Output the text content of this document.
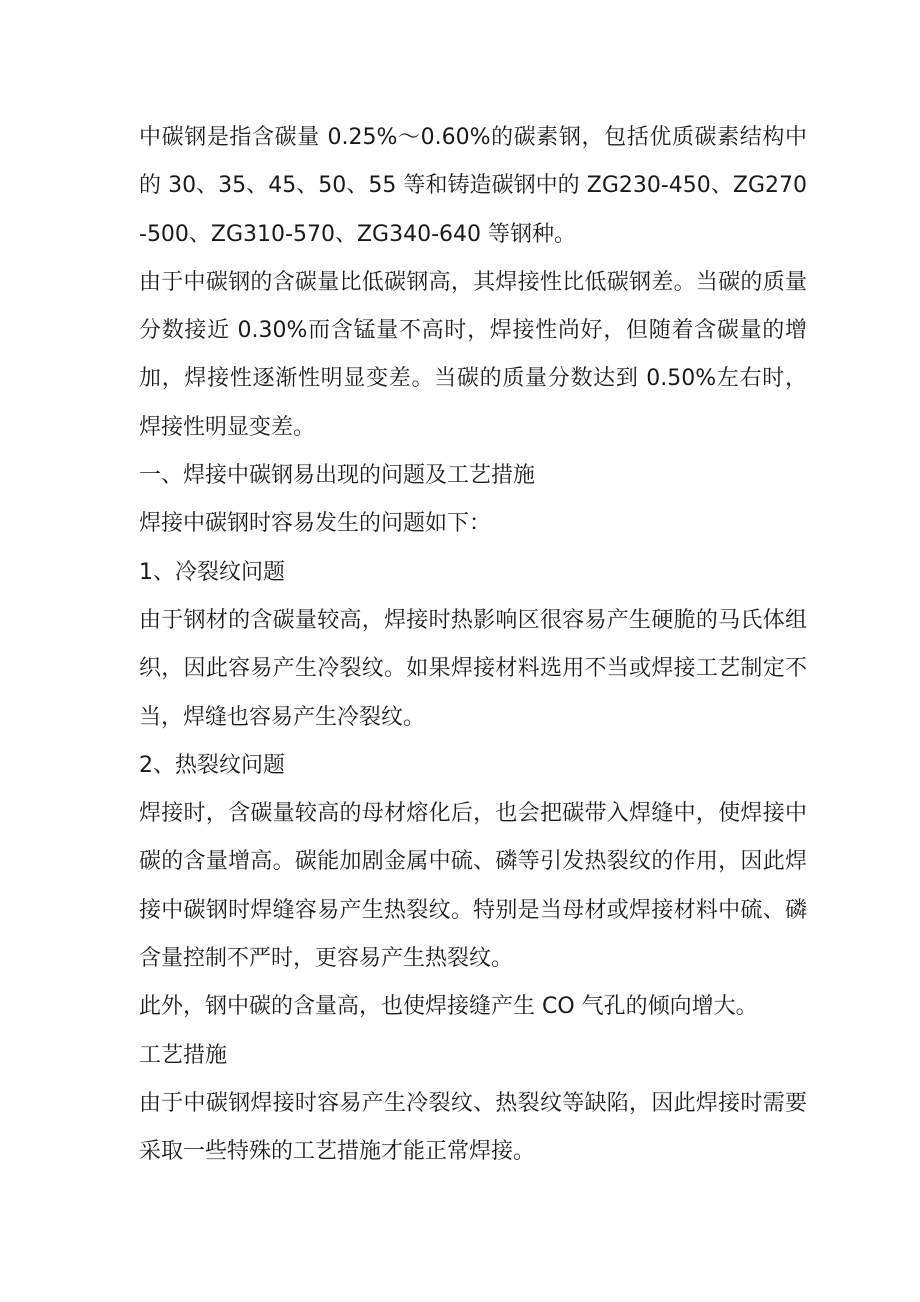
中碳钢是指含碳量 0.25%～0.60%的碳素钢，包括优质碳素结构中的 30、35、45、50、55 等和铸造碳钢中的 ZG230-450、ZG270-500、ZG310-570、ZG340-640 等钢种。

由于中碳钢的含碳量比低碳钢高，其焊接性比低碳钢差。当碳的质量分数接近 0.30%而含锰量不高时，焊接性尚好，但随着含碳量的增加，焊接性逐渐性明显变差。当碳的质量分数达到 0.50%左右时，焊接性明显变差。

一、焊接中碳钢易出现的问题及工艺措施

焊接中碳钢时容易发生的问题如下：

1、冷裂纹问题

由于钢材的含碳量较高，焊接时热影响区很容易产生硬脆的马氏体组织，因此容易产生冷裂纹。如果焊接材料选用不当或焊接工艺制定不当，焊缝也容易产生冷裂纹。

2、热裂纹问题

焊接时，含碳量较高的母材熔化后，也会把碳带入焊缝中，使焊接中碳的含量增高。碳能加剧金属中硫、磷等引发热裂纹的作用，因此焊接中碳钢时焊缝容易产生热裂纹。特别是当母材或焊接材料中硫、磷含量控制不严时，更容易产生热裂纹。

此外，钢中碳的含量高，也使焊接缝产生 CO 气孔的倾向增大。

工艺措施

由于中碳钢焊接时容易产生冷裂纹、热裂纹等缺陷，因此焊接时需要采取一些特殊的工艺措施才能正常焊接。
